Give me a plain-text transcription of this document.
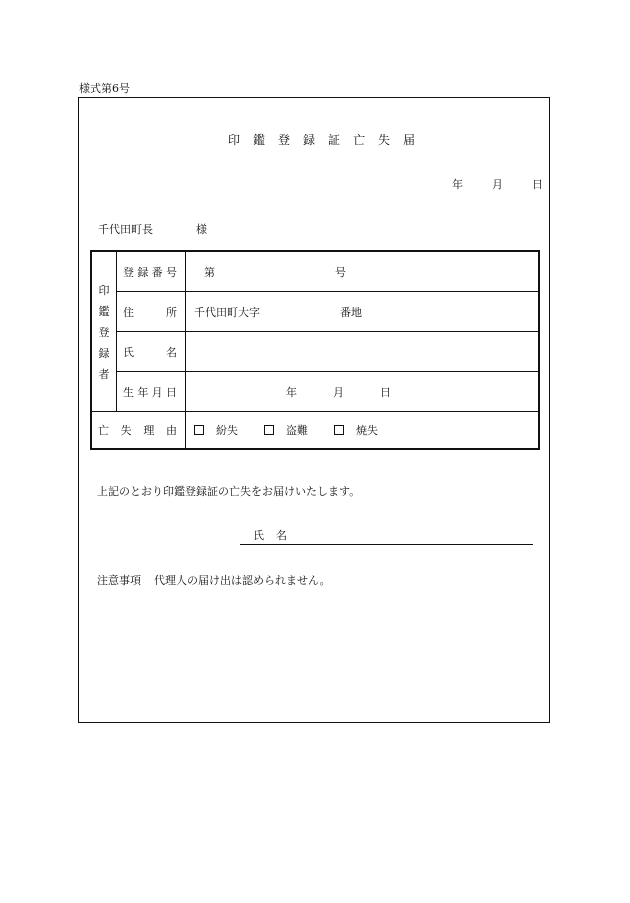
様式第6号
印鑑登録証亡失届
年	月	日
千代田町長	様
印
鑑
登
録
者
登 録 番 号 第	号
住	所 千代田町大字	番地
氏	名
生 年 月 日	年	月	日
亡 失 理 由	紛失	盗難	焼失
上記のとおり印鑑登録証の亡失をお届けいたします。
氏名
注意事項 代理人の届け出は認められません。
